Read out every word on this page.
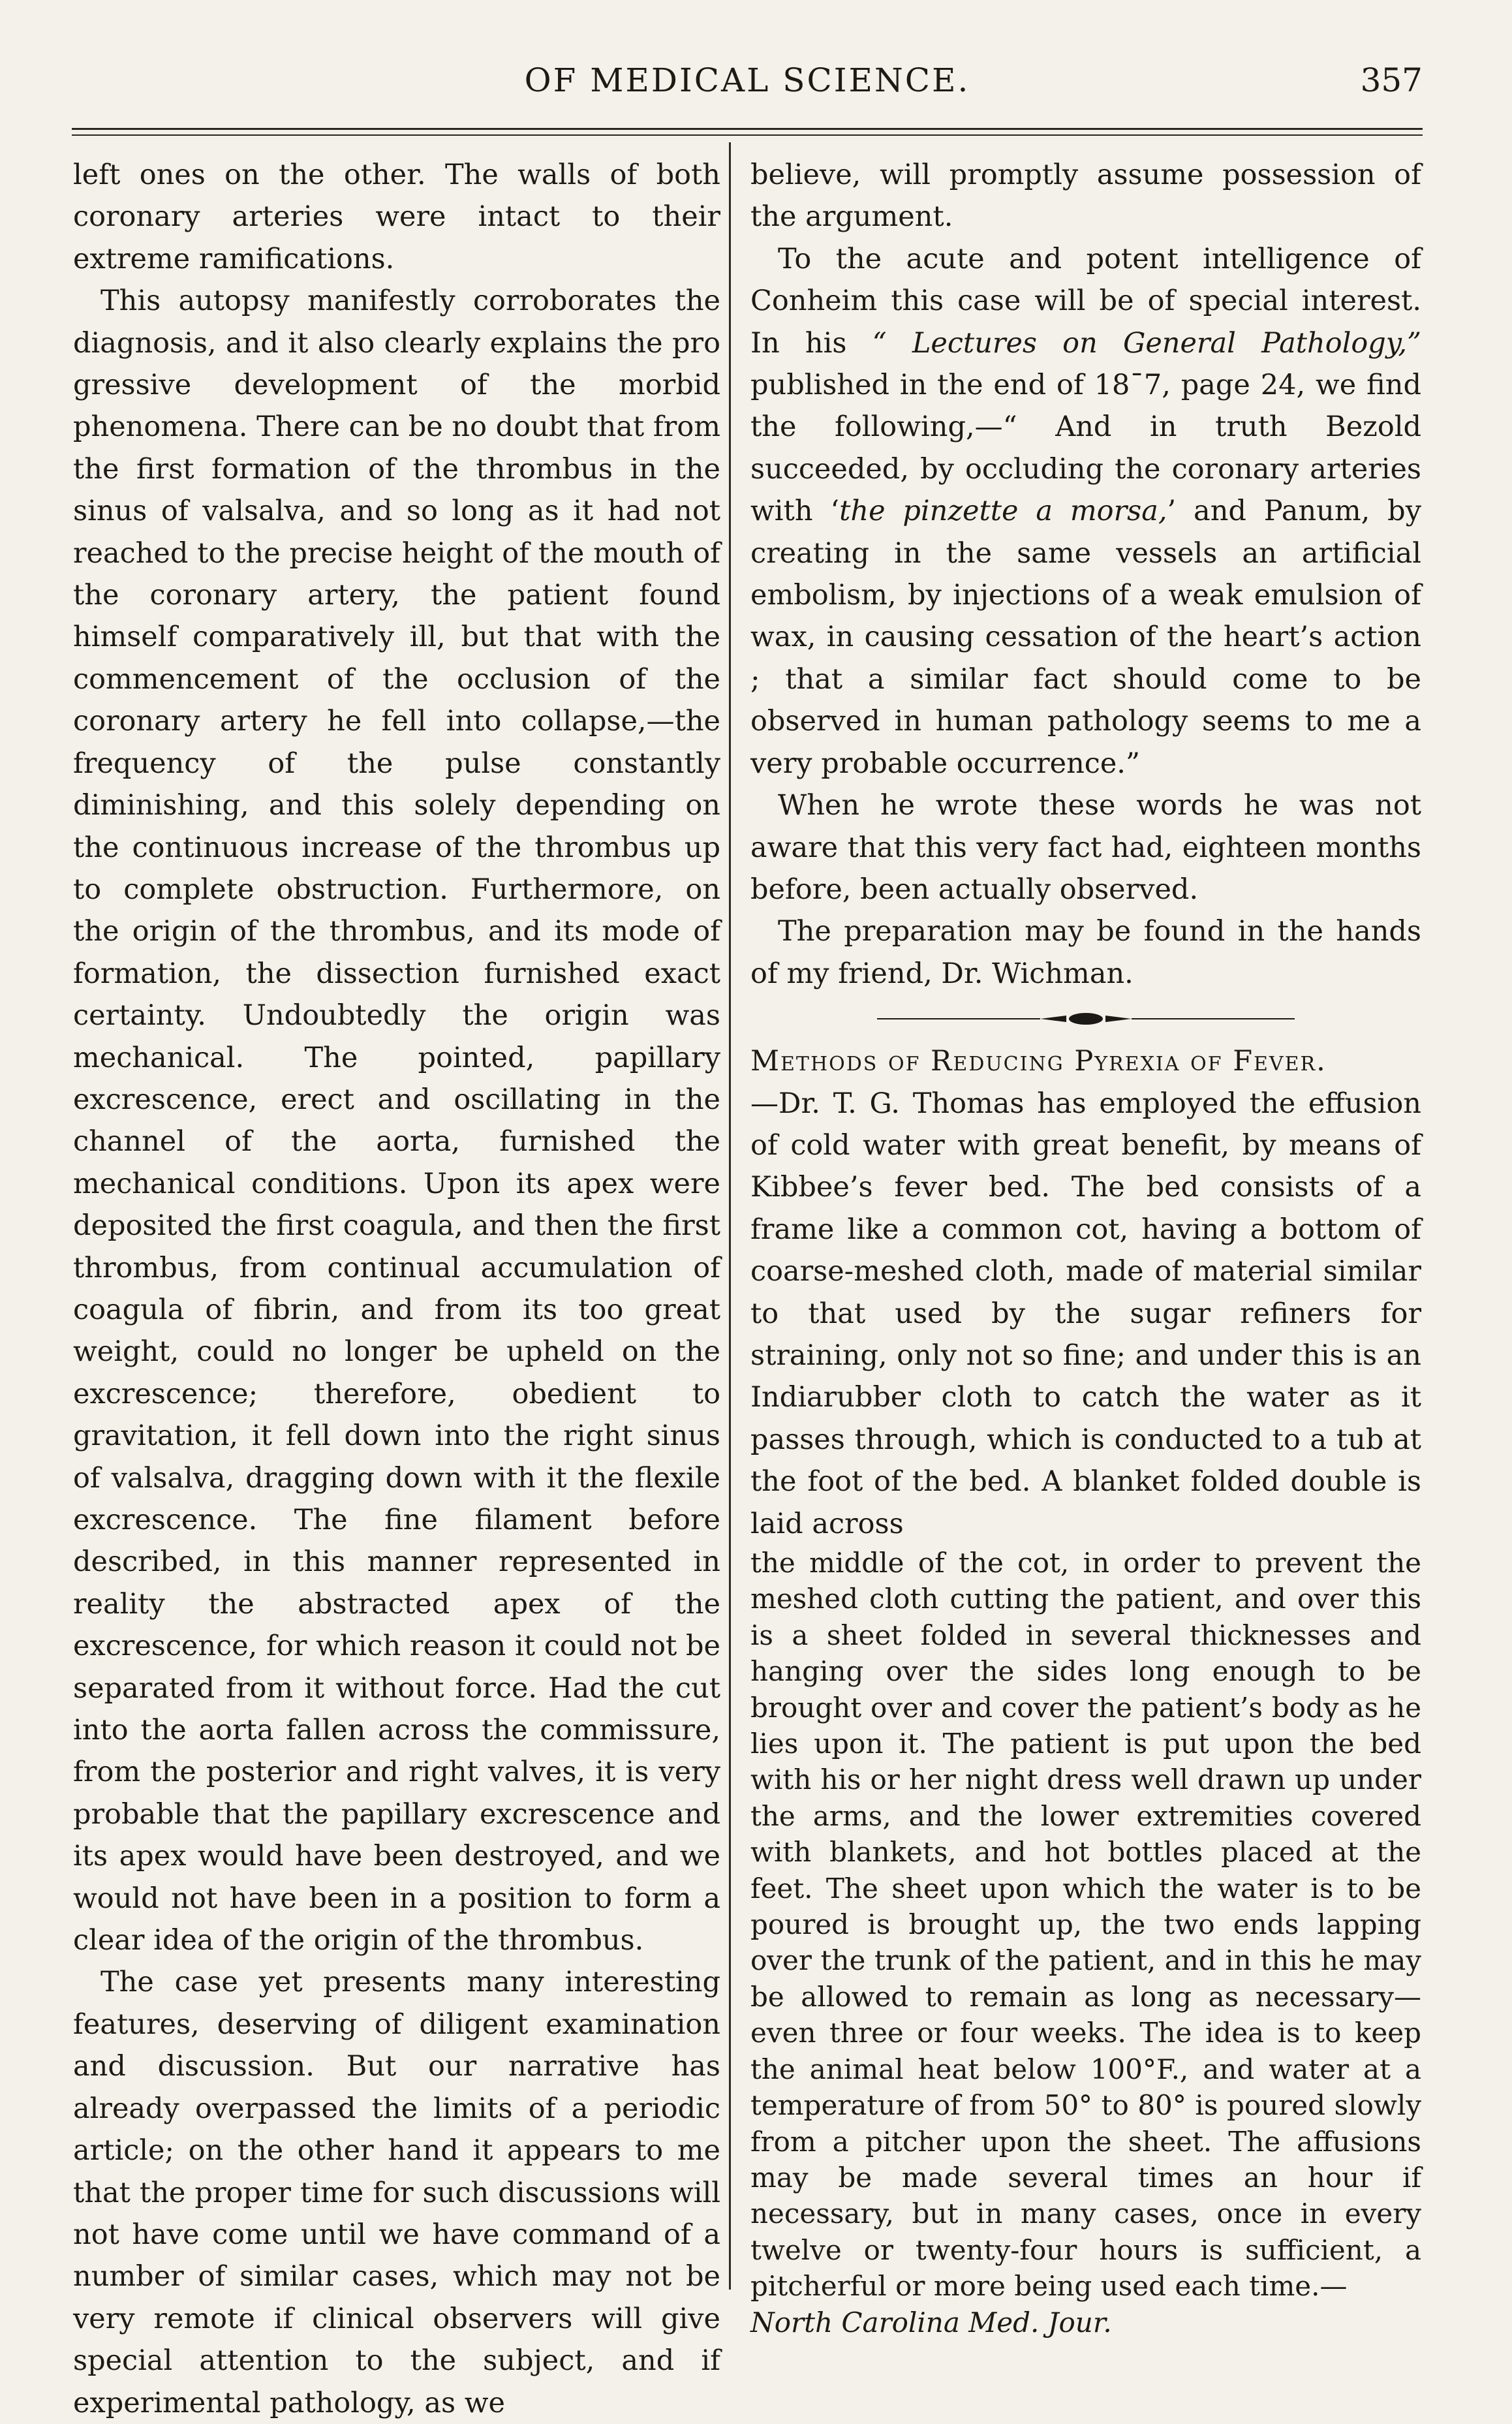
OF MEDICAL SCIENCE.	357

left ones on the other. The walls of both coronary arteries were intact to their extreme ramifications.

This autopsy manifestly corroborates the diagnosis, and it also clearly explains the pro gressive development of the morbid phenomena. There can be no doubt that from the first formation of the thrombus in the sinus of valsalva, and so long as it had not reached to the precise height of the mouth of the coronary artery, the patient found himself comparatively ill, but that with the commencement of the occlusion of the coronary artery he fell into collapse,—the frequency of the pulse constantly diminishing, and this solely depending on the continuous increase of the thrombus up to complete obstruction. Furthermore, on the origin of the thrombus, and its mode of formation, the dissection furnished exact certainty. Undoubtedly the origin was mechanical. The pointed, papillary excrescence, erect and oscillating in the channel of the aorta, furnished the mechanical conditions. Upon its apex were deposited the first coagula, and then the first thrombus, from continual accumulation of coagula of fibrin, and from its too great weight, could no longer be upheld on the excrescence; therefore, obedient to gravitation, it fell down into the right sinus of valsalva, dragging down with it the flexile excrescence. The fine filament before described, in this manner represented in reality the abstracted apex of the excrescence, for which reason it could not be separated from it without force. Had the cut into the aorta fallen across the commissure, from the posterior and right valves, it is very probable that the papillary excrescence and its apex would have been destroyed, and we would not have been in a position to form a clear idea of the origin of the thrombus.

The case yet presents many interesting features, deserving of diligent examination and discussion. But our narrative has already overpassed the limits of a periodic article; on the other hand it appears to me that the proper time for such discussions will not have come until we have command of a number of similar cases, which may not be very remote if clinical observers will give special attention to the subject, and if experimental pathology, as we

believe, will promptly assume possession of the argument.

To the acute and potent intelligence of Conheim this case will be of special interest. In his “ Lectures on General Pathology,” published in the end of 18¯7, page 24, we find the following,—“ And in truth Bezold succeeded, by occluding the coronary arteries with ‘the pinzette a morsa,’ and Panum, by creating in the same vessels an artificial embolism, by injections of a weak emulsion of wax, in causing cessation of the heart’s action ; that a similar fact should come to be observed in human pathology seems to me a very probable occurrence.”

When he wrote these words he was not aware that this very fact had, eighteen months before, been actually observed.

The preparation may be found in the hands of my friend, Dr. Wichman.

Methods of Reducing Pyrexia of Fever.

—Dr. T. G. Thomas has employed the effusion of cold water with great benefit, by means of Kibbee’s fever bed. The bed consists of a frame like a common cot, having a bottom of coarse-meshed cloth, made of material similar to that used by the sugar refiners for straining, only not so fine; and under this is an Indiarubber cloth to catch the water as it passes through, which is conducted to a tub at the foot of the bed. A blanket folded double is laid across

the middle of the cot, in order to prevent the meshed cloth cutting the patient, and over this is a sheet folded in several thicknesses and hanging over the sides long enough to be brought over and cover the patient’s body as he lies upon it. The patient is put upon the bed with his or her night dress well drawn up under the arms, and the lower extremities covered with blankets, and hot bottles placed at the feet. The sheet upon which the water is to be poured is brought up, the two ends lapping over the trunk of the patient, and in this he may be allowed to remain as long as necessary—even three or four weeks. The idea is to keep the animal heat below 100°F., and water at a temperature of from 50° to 80° is poured slowly from a pitcher upon the sheet. The affusions may be made several times an hour if necessary, but in many cases, once in every twelve or twenty-four hours is sufficient, a pitcherful or more being used each time.—
North Carolina Med. Jour.
